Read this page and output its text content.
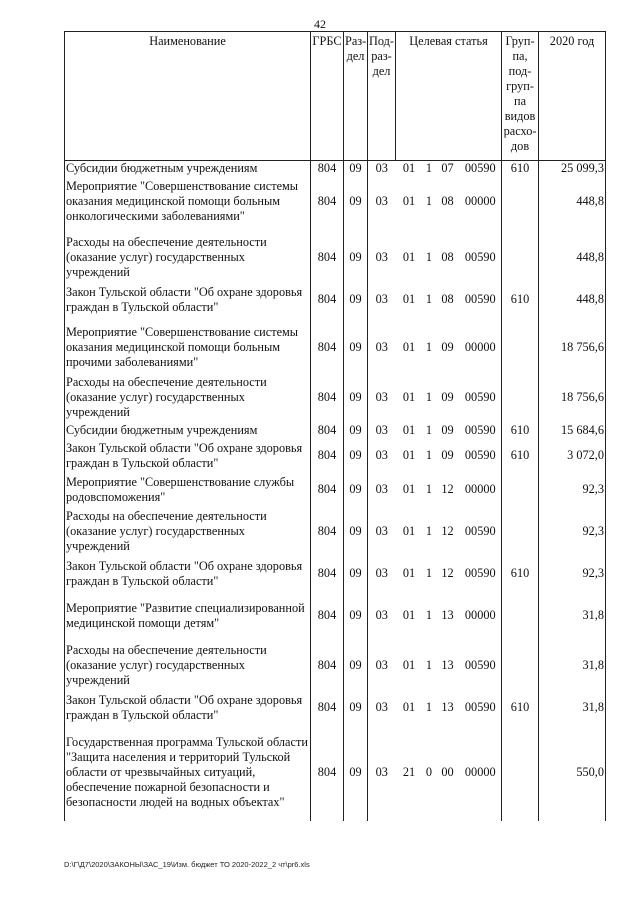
42
Наименование	ГРБС	Раз-дел	Под-раз-дел	Целевая статья				Груп-па, под-груп-па видов расхо-дов	2020 год
Субсидии бюджетным учреждениям	804	09	03	01	1	07	00590	610	25 099,3
Мероприятие "Совершенствование системы оказания медицинской помощи больным онкологическими заболеваниями"	804	09	03	01	1	08	00000		448,8

Расходы на обеспечение деятельности (оказание услуг) государственных учреждений	804	09	03	01	1	08	00590		448,8
Закон Тульской области "Об охране здоровья граждан в Тульской области"	804	09	03	01	1	08	00590	610	448,8

Мероприятие "Совершенствование системы оказания медицинской помощи больным прочими заболеваниями"	804	09	03	01	1	09	00000		18 756,6
Расходы на обеспечение деятельности (оказание услуг) государственных учреждений	804	09	03	01	1	09	00590		18 756,6
Субсидии бюджетным учреждениям	804	09	03	01	1	09	00590	610	15 684,6
Закон Тульской области "Об охране здоровья граждан в Тульской области"	804	09	03	01	1	09	00590	610	3 072,0
Мероприятие "Совершенствование службы родовспоможения"	804	09	03	01	1	12	00000		92,3
Расходы на обеспечение деятельности (оказание услуг) государственных учреждений	804	09	03	01	1	12	00590		92,3
Закон Тульской области "Об охране здоровья граждан в Тульской области"	804	09	03	01	1	12	00590	610	92,3
Мероприятие "Развитие специализированной медицинской помощи детям"	804	09	03	01	1	13	00000		31,8
Расходы на обеспечение деятельности (оказание услуг) государственных учреждений	804	09	03	01	1	13	00590		31,8
Закон Тульской области "Об охране здоровья граждан в Тульской области"	804	09	03	01	1	13	00590	610	31,8
Государственная программа Тульской области "Защита населения и территорий Тульской области от чрезвычайных ситуаций, обеспечение пожарной безопасности и безопасности людей на водных объектах"	804	09	03	21	0	00	00000		550,0
D:\Г\Д7\2020\ЗАКОНЫ\ЗАС_19\Изм. бюджет ТО 2020-2022_2 чт\pr6.xls
